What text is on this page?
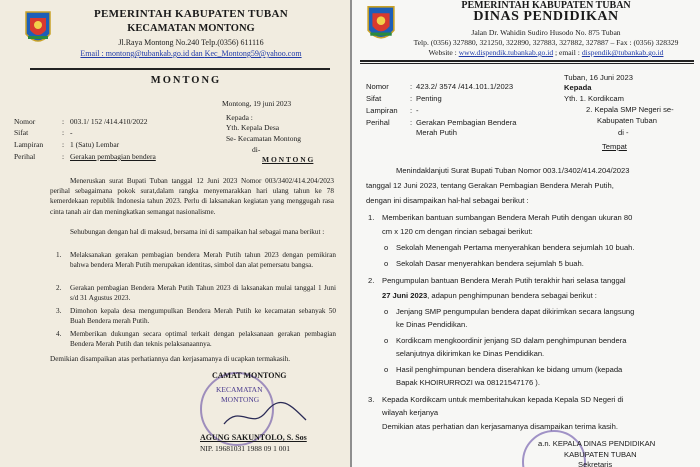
PEMERINTAH KABUPATEN TUBAN
KECAMATAN MONTONG
Jl.Raya Montong No.240 Telp.(0356) 611116
Email : montong@tubankab.go.id dan Kec_Montong59@yahoo.com
MONTONG
Montong, 19 juni 2023
Kepada :
Yth. Kepala Desa
Se- Kecamatan Montong
di-
M O N T O N G
Nomor	: 003.1/ 152 /414.410/2022
Sifat	: -
Lampiran	: 1 (Satu) Lembar
Perihal	: Gerakan pembagian bendera
Meneruskan surat Bupati Tuban tanggal 12 Juni 2023 Nomor 003/3402/414.204/2023 perihal sebagaimana pokok surat,dalam rangka menyemarakkan hari ulang tahun ke 78 kemerdekaan republik Indonesia tahun 2023. Perlu di laksanakan kegiatan yang menggugah rasa cinta tanah air dan meningkatkan semangat nasionalisme.
Sehubungan dengan hal di maksud, bersama ini di sampaikan hal sebagai mana berikut :
1. Melaksanakan gerakan pembagian bendera Merah Putih tahun 2023 dengan pemikiran bahwa bendera Merah Putih merupakan identitas, simbol dan alat pemersatu bangsa.
2. Gerakan pembagian Bendera Merah Putih Tahun 2023 di laksanakan mulai tanggal 1 Juni s/d 31 Agustus 2023.
3. Dimohon kepala desa mengumpulkan Bendera Merah Putih ke kecamatan sebanyak 50 Buah Bendera merah Putih.
4. Memberikan dukungan secara optimal terkait dengan pelaksanaan gerakan pembagian Bendera Merah Putih dan teknis pelaksanaannya.
Demikian disampaikan atas perhatiannya dan kerjasamanya di ucapkan termakasih.
CAMAT MONTONG
KECAMATAN
MONTONG
AGUNG SAKUNTOLO, S. Sos
NIP. 19681031 1988 09 1 001
PEMERINTAH KABUPATEN TUBAN
DINAS PENDIDIKAN
Jalan Dr. Wahidin Sudiro Husodo No. 875 Tuban
Telp. (0356) 327880, 321250, 322890, 327883, 327882, 327887 – Fax : (0356) 328329
Website : www.dispendik.tubankab.go.id ; email : dispendik@tubankab.go.id
Tuban, 16 Juni 2023
Nomor	: 423.2/ 3574 /414.101.1/2023
Sifat	: Penting
Lampiran : -
Perihal	: Gerakan Pembagian Bendera
Merah Putih
Kepada
Yth. 1. Kordikcam
2. Kepala SMP Negeri se-
Kabupaten Tuban
di -
Tempat
Menindaklanjuti Surat Bupati Tuban Nomor 003.1/3402/414.204/2023
tanggal 12 Juni 2023, tentang Gerakan Pembagian Bendera Merah Putih,
dengan ini disampaikan hal-hal sebagai berikut :
1. Memberikan bantuan sumbangan Bendera Merah Putih dengan ukuran 80
cm x 120 cm dengan rincian sebagai berikut:
o Sekolah Menengah Pertama menyerahkan bendera sejumlah 10 buah.
o Sekolah Dasar menyerahkan bendera sejumlah 5 buah.
2. Pengumpulan bantuan Bendera Merah Putih terakhir hari selasa tanggal
27 Juni 2023, adapun penghimpunan bendera sebagai berikut :
o Jenjang SMP pengumpulan bendera dapat dikirimkan secara langsung
ke Dinas Pendidikan.
o Kordikcam mengkoordinir jenjang SD dalam penghimpunan bendera
selanjutnya dikirimkan ke Dinas Pendidikan.
o Hasil penghimpunan bendera diserahkan ke bidang umum (kepada
Bapak KHOIRURROZI wa 08121547176 ).
3. Kepada Kordikcam untuk memberitahukan kepada Kepala SD Negeri di
wilayah kerjanya
Demikian atas perhatian dan kerjasamanya disampaikan terima kasih.
a.n. KEPALA DINAS PENDIDIKAN
KABUPATEN TUBAN
Sekretaris
